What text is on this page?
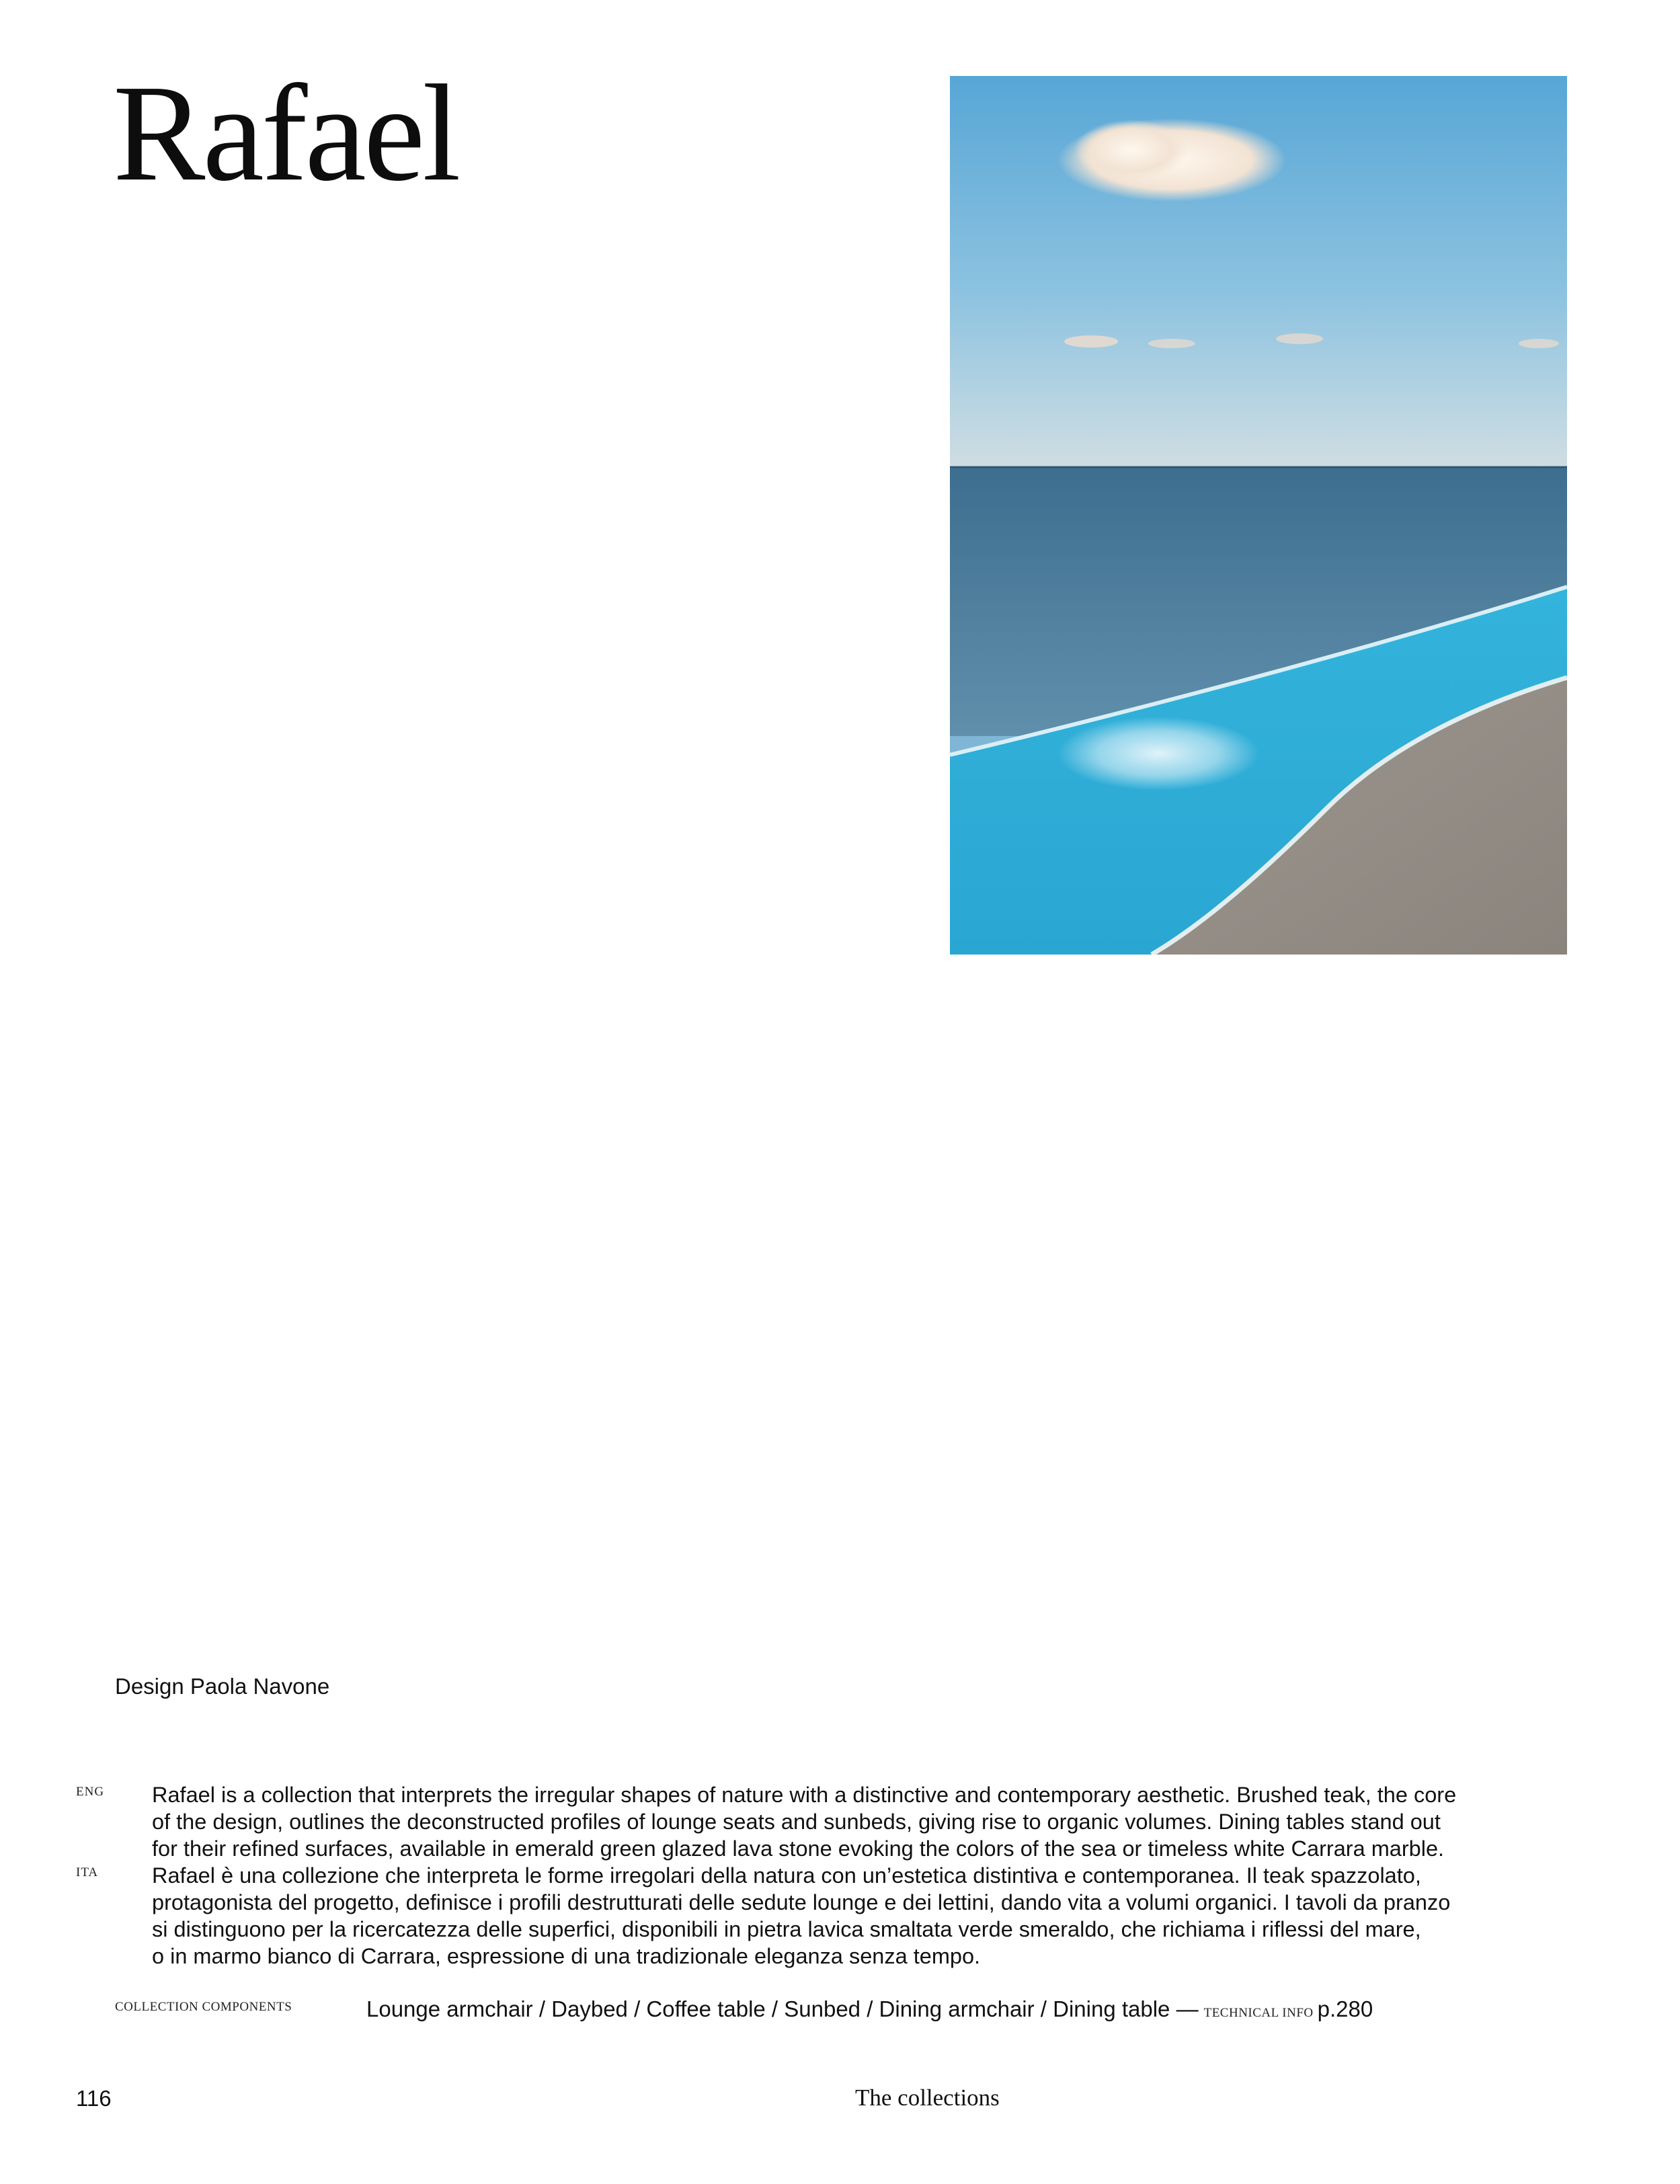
Rafael
Design Paola Navone
ENG Rafael is a collection that interprets the irregular shapes of nature with a distinctive and contemporary aesthetic. Brushed teak, the core
of the design, outlines the deconstructed profiles of lounge seats and sunbeds, giving rise to organic volumes. Dining tables stand out
for their refined surfaces, available in emerald green glazed lava stone evoking the colors of the sea or timeless white Carrara marble.
ITA Rafael è una collezione che interpreta le forme irregolari della natura con un’estetica distintiva e contemporanea. Il teak spazzolato,
protagonista del progetto, definisce i profili destrutturati delle sedute lounge e dei lettini, dando vita a volumi organici. I tavoli da pranzo
si distinguono per la ricercatezza delle superfici, disponibili in pietra lavica smaltata verde smeraldo, che richiama i riflessi del mare,
o in marmo bianco di Carrara, espressione di una tradizionale eleganza senza tempo.
COLLECTION COMPONENTS	Lounge armchair / Daybed / Coffee table / Sunbed / Dining armchair / Dining table — TECHNICAL INFO p.280
116	The collections
